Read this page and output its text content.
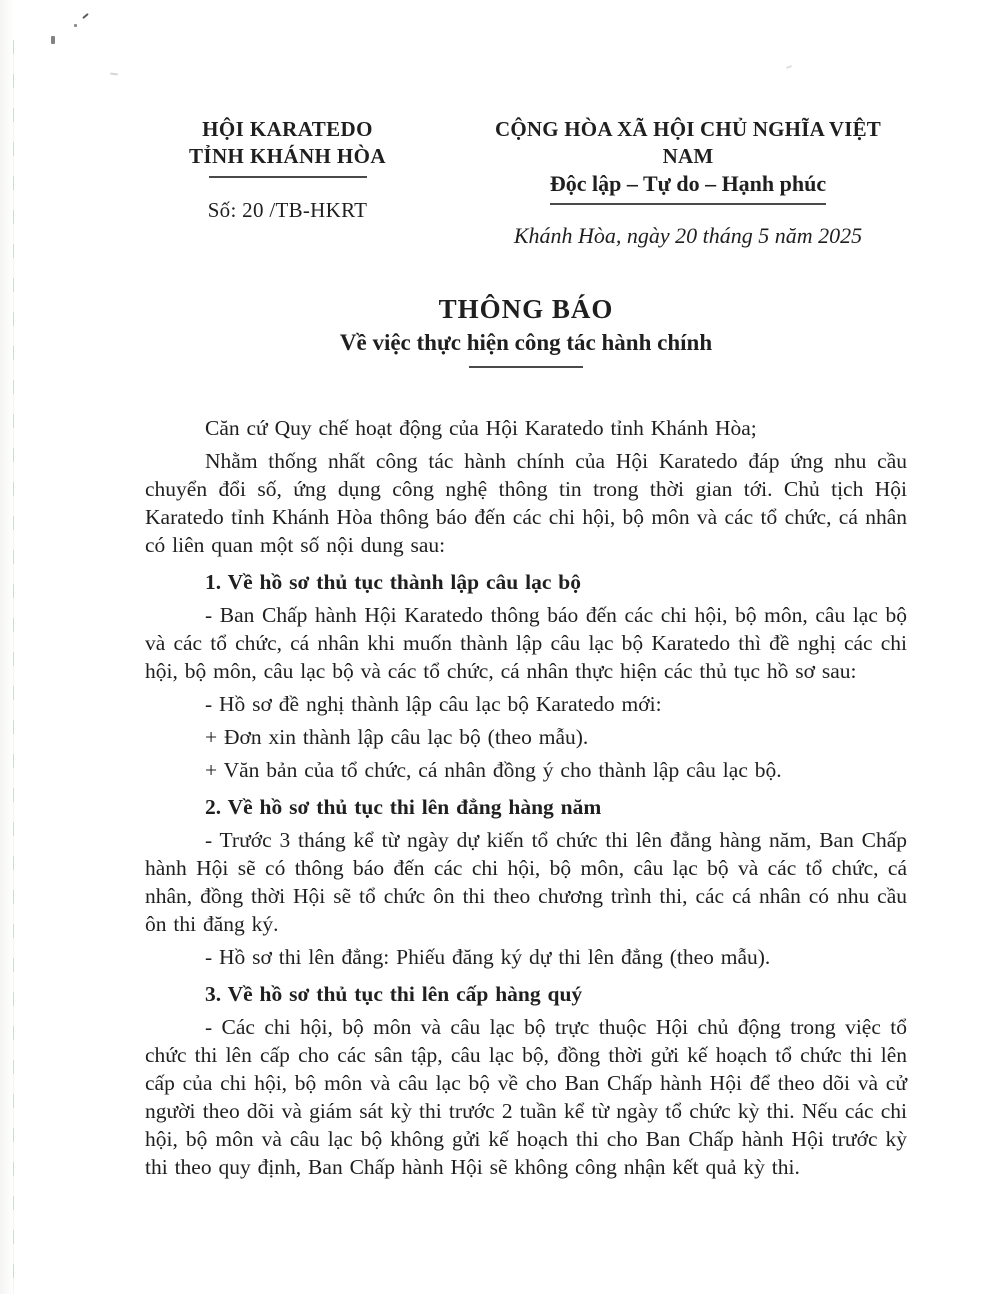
HỘI KARATEDO
TỈNH KHÁNH HÒA
Số: 20 /TB-HKRT
CỘNG HÒA XÃ HỘI CHỦ NGHĨA VIỆT NAM
Độc lập – Tự do – Hạnh phúc
Khánh Hòa, ngày 20 tháng 5 năm 2025
THÔNG BÁO
Về việc thực hiện công tác hành chính

Căn cứ Quy chế hoạt động của Hội Karatedo tỉnh Khánh Hòa;

Nhằm thống nhất công tác hành chính của Hội Karatedo đáp ứng nhu cầu chuyển đổi số, ứng dụng công nghệ thông tin trong thời gian tới. Chủ tịch Hội Karatedo tỉnh Khánh Hòa thông báo đến các chi hội, bộ môn và các tổ chức, cá nhân có liên quan một số nội dung sau:

1. Về hồ sơ thủ tục thành lập câu lạc bộ

- Ban Chấp hành Hội Karatedo thông báo đến các chi hội, bộ môn, câu lạc bộ và các tổ chức, cá nhân khi muốn thành lập câu lạc bộ Karatedo thì đề nghị các chi hội, bộ môn, câu lạc bộ và các tổ chức, cá nhân thực hiện các thủ tục hồ sơ sau:

- Hồ sơ đề nghị thành lập câu lạc bộ Karatedo mới:

+ Đơn xin thành lập câu lạc bộ (theo mẫu).

+ Văn bản của tổ chức, cá nhân đồng ý cho thành lập câu lạc bộ.

2. Về hồ sơ thủ tục thi lên đẳng hàng năm

- Trước 3 tháng kể từ ngày dự kiến tổ chức thi lên đẳng hàng năm, Ban Chấp hành Hội sẽ có thông báo đến các chi hội, bộ môn, câu lạc bộ và các tổ chức, cá nhân, đồng thời Hội sẽ tổ chức ôn thi theo chương trình thi, các cá nhân có nhu cầu ôn thi đăng ký.

- Hồ sơ thi lên đẳng: Phiếu đăng ký dự thi lên đẳng (theo mẫu).

3. Về hồ sơ thủ tục thi lên cấp hàng quý

- Các chi hội, bộ môn và câu lạc bộ trực thuộc Hội chủ động trong việc tổ chức thi lên cấp cho các sân tập, câu lạc bộ, đồng thời gửi kế hoạch tổ chức thi lên cấp của chi hội, bộ môn và câu lạc bộ về cho Ban Chấp hành Hội để theo dõi và cử người theo dõi và giám sát kỳ thi trước 2 tuần kể từ ngày tổ chức kỳ thi. Nếu các chi hội, bộ môn và câu lạc bộ không gửi kế hoạch thi cho Ban Chấp hành Hội trước kỳ thi theo quy định, Ban Chấp hành Hội sẽ không công nhận kết quả kỳ thi.
